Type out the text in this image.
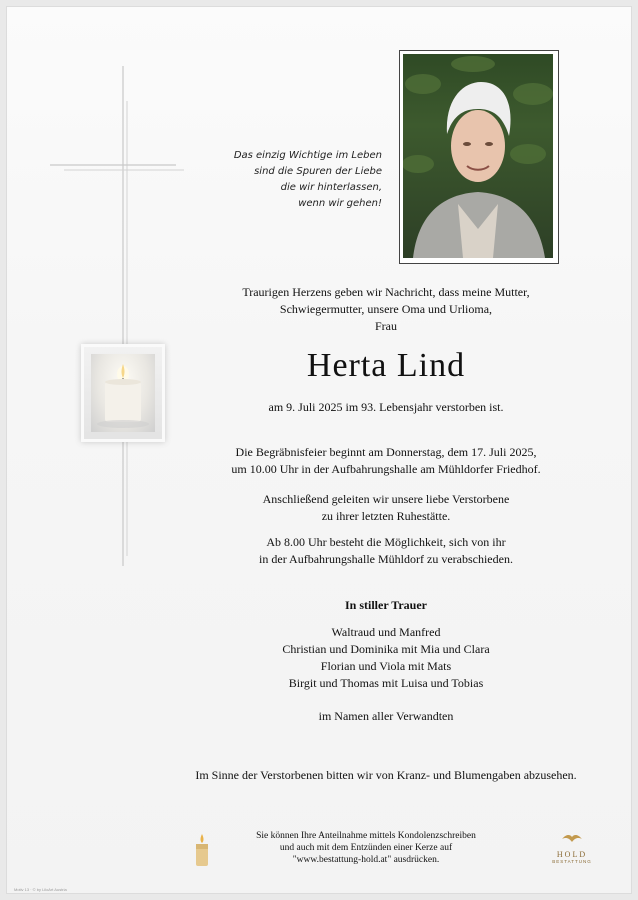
Das einzig Wichtige im Leben
sind die Spuren der Liebe
die wir hinterlassen,
wenn wir gehen!
Traurigen Herzens geben wir Nachricht, dass meine Mutter,
Schwiegermutter, unsere Oma und Urlioma,
Frau
Herta Lind
am 9. Juli 2025 im 93. Lebensjahr verstorben ist.
Die Begräbnisfeier beginnt am Donnerstag, dem 17. Juli 2025,
um 10.00 Uhr in der Aufbahrungshalle am Mühldorfer Friedhof.
Anschließend geleiten wir unsere liebe Verstorbene
zu ihrer letzten Ruhestätte.
Ab 8.00 Uhr besteht die Möglichkeit, sich von ihr
in der Aufbahrungshalle Mühldorf zu verabschieden.
In stiller Trauer
Waltraud und Manfred
Christian und Dominika mit Mia und Clara
Florian und Viola mit Mats
Birgit und Thomas mit Luisa und Tobias
im Namen aller Verwandten
Im Sinne der Verstorbenen bitten wir von Kranz- und Blumengaben abzusehen.
Sie können Ihre Anteilnahme mittels Kondolenzschreiben
und auch mit dem Entzünden einer Kerze auf
"www.bestattung-hold.at" ausdrücken.
HOLD
BESTATTUNG
Motiv 13 · © by LiloArt Austria
